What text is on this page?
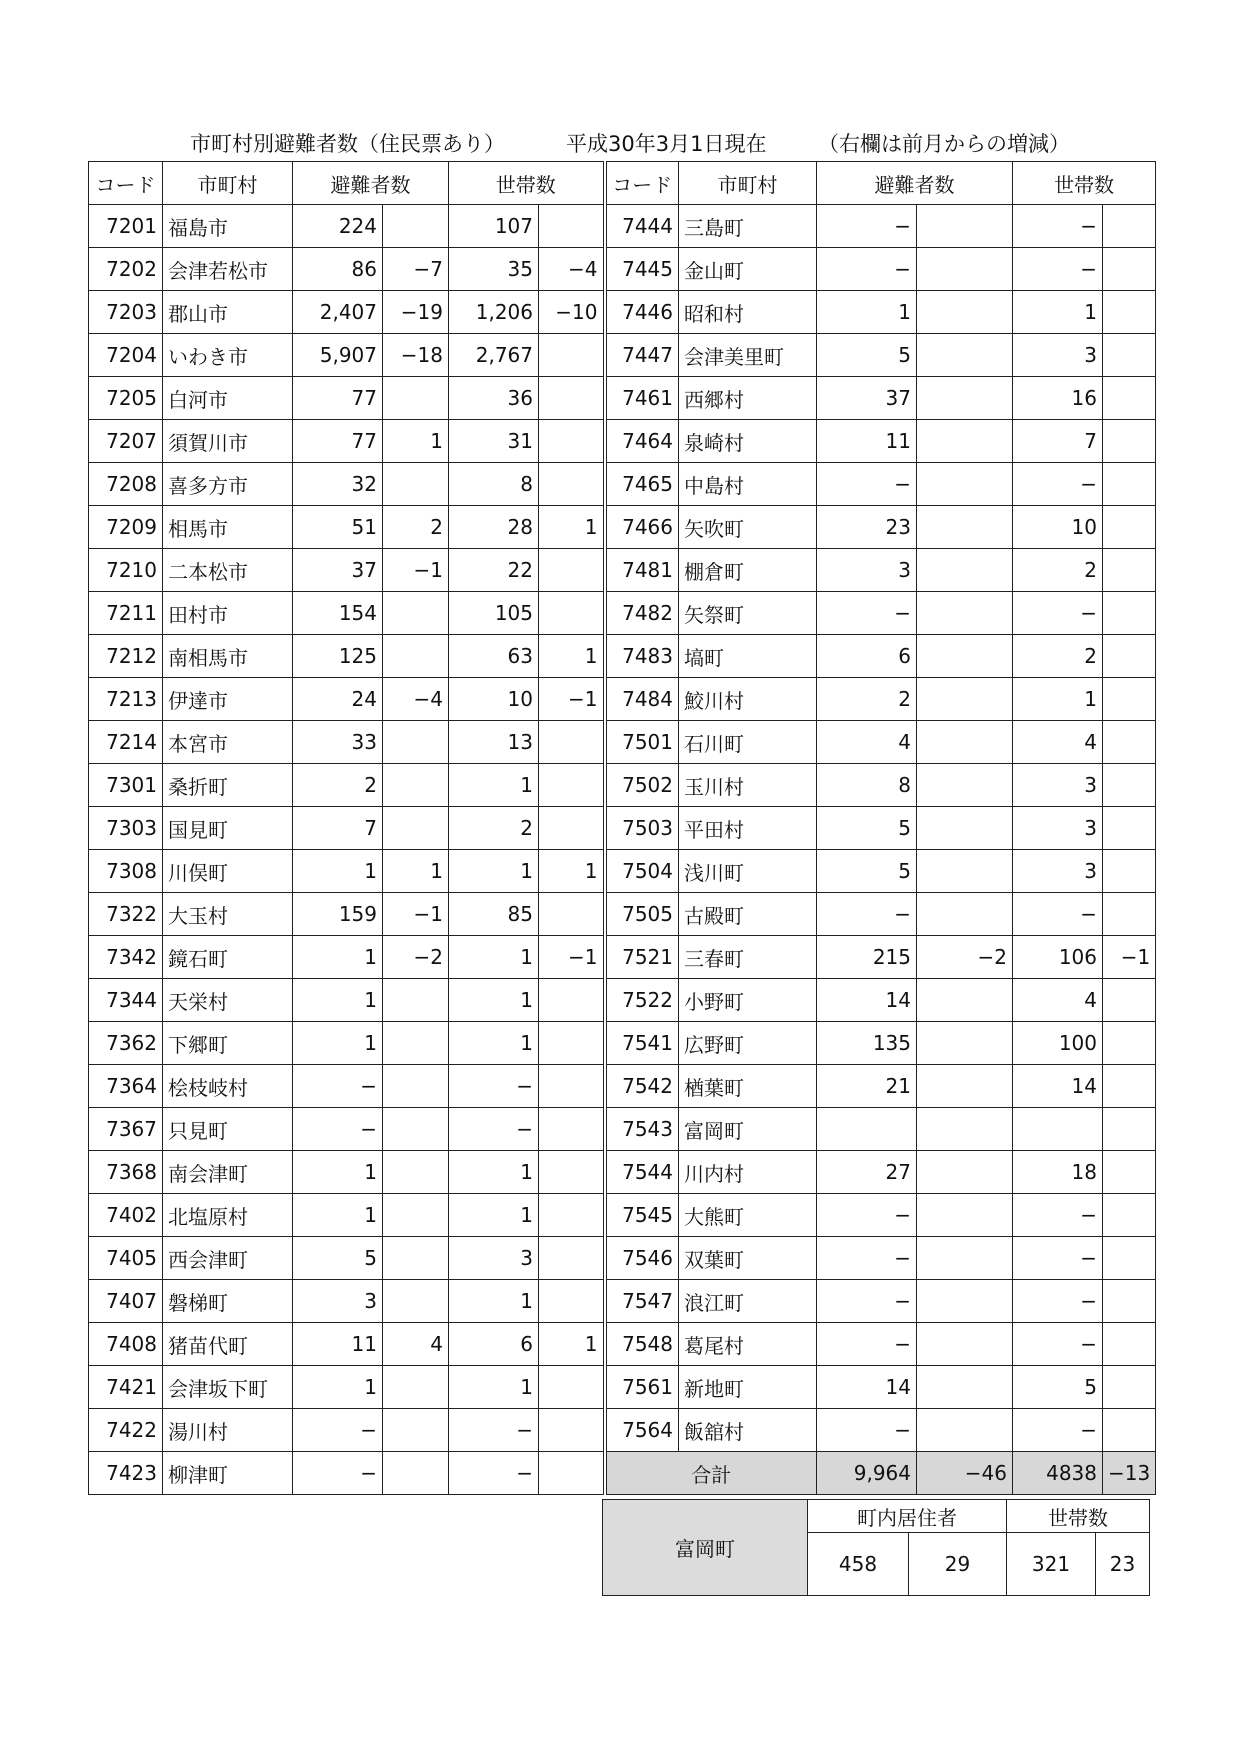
市町村別避難者数（住民票あり）	平成30年3月1日現在 （右欄は前月からの増減）
コード	市町村	避難者数		世帯数		コード	市町村	避難者数		世帯数	
7201	福島市	224		107		7444	三島町	−		−	
7202	会津若松市	86	−7	35	−4	7445	金山町	−		−	
7203	郡山市	2,407	−19	1,206	−10	7446	昭和村	1		1	
7204	いわき市	5,907	−18	2,767		7447	会津美里町	5		3	
7205	白河市	77		36		7461	西郷村	37		16	
7207	須賀川市	77	1	31		7464	泉崎村	11		7	
7208	喜多方市	32		8		7465	中島村	−		−	
7209	相馬市	51	2	28	1	7466	矢吹町	23		10	
7210	二本松市	37	−1	22		7481	棚倉町	3		2	
7211	田村市	154		105		7482	矢祭町	−		−	
7212	南相馬市	125		63	1	7483	塙町	6		2	
7213	伊達市	24	−4	10	−1	7484	鮫川村	2		1	
7214	本宮市	33		13		7501	石川町	4		4	
7301	桑折町	2		1		7502	玉川村	8		3	
7303	国見町	7		2		7503	平田村	5		3	
7308	川俣町	1	1	1	1	7504	浅川町	5		3	
7322	大玉村	159	−1	85		7505	古殿町	−		−	
7342	鏡石町	1	−2	1	−1	7521	三春町	215	−2	106	−1
7344	天栄村	1		1		7522	小野町	14		4	
7362	下郷町	1		1		7541	広野町	135		100	
7364	桧枝岐村	−		−		7542	楢葉町	21		14	
7367	只見町	−		−		7543	富岡町				
7368	南会津町	1		1		7544	川内村	27		18	
7402	北塩原村	1		1		7545	大熊町	−		−	
7405	西会津町	5		3		7546	双葉町	−		−	
7407	磐梯町	3		1		7547	浪江町	−		−	
7408	猪苗代町	11	4	6	1	7548	葛尾村	−		−	
7421	会津坂下町	1		1		7561	新地町	14		5	
7422	湯川村	−		−		7564	飯舘村	−		−	
7423	柳津町	−		−		合計		9,964	−46	4838	−13
富岡町	町内居住者		世帯数	
	458	29	321	23
